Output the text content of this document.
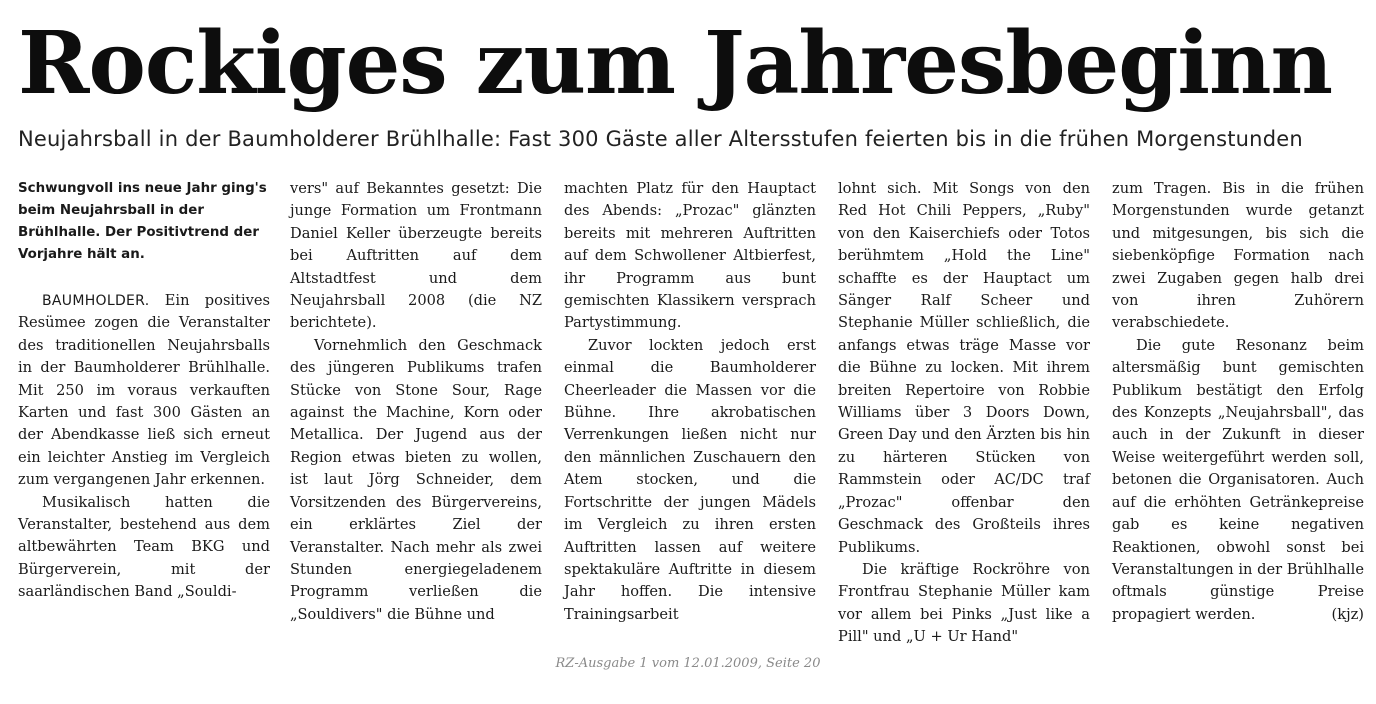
Rockiges zum Jahresbeginn
Neujahrsball in der Baumholderer Brühlhalle: Fast 300 Gäste aller Altersstufen feierten bis in die frühen Morgenstunden

Schwungvoll ins neue Jahr ging's beim Neujahrsball in der Brühlhalle. Der Positivtrend der Vorjahre hält an.

BAUMHOLDER. Ein positives Resümee zogen die Veranstalter des traditionellen Neujahrsballs in der Baumholderer Brühlhalle. Mit 250 im voraus verkauften Karten und fast 300 Gästen an der Abendkasse ließ sich erneut ein leichter Anstieg im Vergleich zum vergangenen Jahr erkennen.

Musikalisch hatten die Veranstalter, bestehend aus dem altbewährten Team BKG und Bürgerverein, mit der saarländischen Band „Souldi-

vers" auf Bekanntes gesetzt: Die junge Formation um Frontmann Daniel Keller überzeugte bereits bei Auftritten auf dem Altstadtfest und dem Neujahrsball 2008 (die NZ berichtete).

Vornehmlich den Geschmack des jüngeren Publikums trafen Stücke von Stone Sour, Rage against the Machine, Korn oder Metallica. Der Jugend aus der Region etwas bieten zu wollen, ist laut Jörg Schneider, dem Vorsitzenden des Bürgervereins, ein erklärtes Ziel der Veranstalter. Nach mehr als zwei Stunden energiegeladenem Programm verließen die „Souldivers" die Bühne und

machten Platz für den Hauptact des Abends: „Prozac" glänzten bereits mit mehreren Auftritten auf dem Schwollener Altbierfest, ihr Programm aus bunt gemischten Klassikern versprach Partystimmung.

Zuvor lockten jedoch erst einmal die Baumholderer Cheerleader die Massen vor die Bühne. Ihre akrobatischen Verrenkungen ließen nicht nur den männlichen Zuschauern den Atem stocken, und die Fortschritte der jungen Mädels im Vergleich zu ihren ersten Auftritten lassen auf weitere spektakuläre Auftritte in diesem Jahr hoffen. Die intensive Trainingsarbeit

lohnt sich. Mit Songs von den Red Hot Chili Peppers, „Ruby" von den Kaiserchiefs oder Totos berühmtem „Hold the Line" schaffte es der Hauptact um Sänger Ralf Scheer und Stephanie Müller schließlich, die anfangs etwas träge Masse vor die Bühne zu locken. Mit ihrem breiten Repertoire von Robbie Williams über 3 Doors Down, Green Day und den Ärzten bis hin zu härteren Stücken von Rammstein oder AC/DC traf „Prozac" offenbar den Geschmack des Großteils ihres Publikums.

Die kräftige Rockröhre von Frontfrau Stephanie Müller kam vor allem bei Pinks „Just like a Pill" und „U + Ur Hand"

zum Tragen. Bis in die frühen Morgenstunden wurde getanzt und mitgesungen, bis sich die siebenköpfige Formation nach zwei Zugaben gegen halb drei von ihren Zuhörern verabschiedete.

Die gute Resonanz beim altersmäßig bunt gemischten Publikum bestätigt den Erfolg des Konzepts „Neujahrsball", das auch in der Zukunft in dieser Weise weitergeführt werden soll, betonen die Organisatoren. Auch auf die erhöhten Getränkepreise gab es keine negativen Reaktionen, obwohl sonst bei Veranstaltungen in der Brühlhalle oftmals günstige Preise propagiert werden.	(kjz)

RZ-Ausgabe 1 vom 12.01.2009, Seite 20
